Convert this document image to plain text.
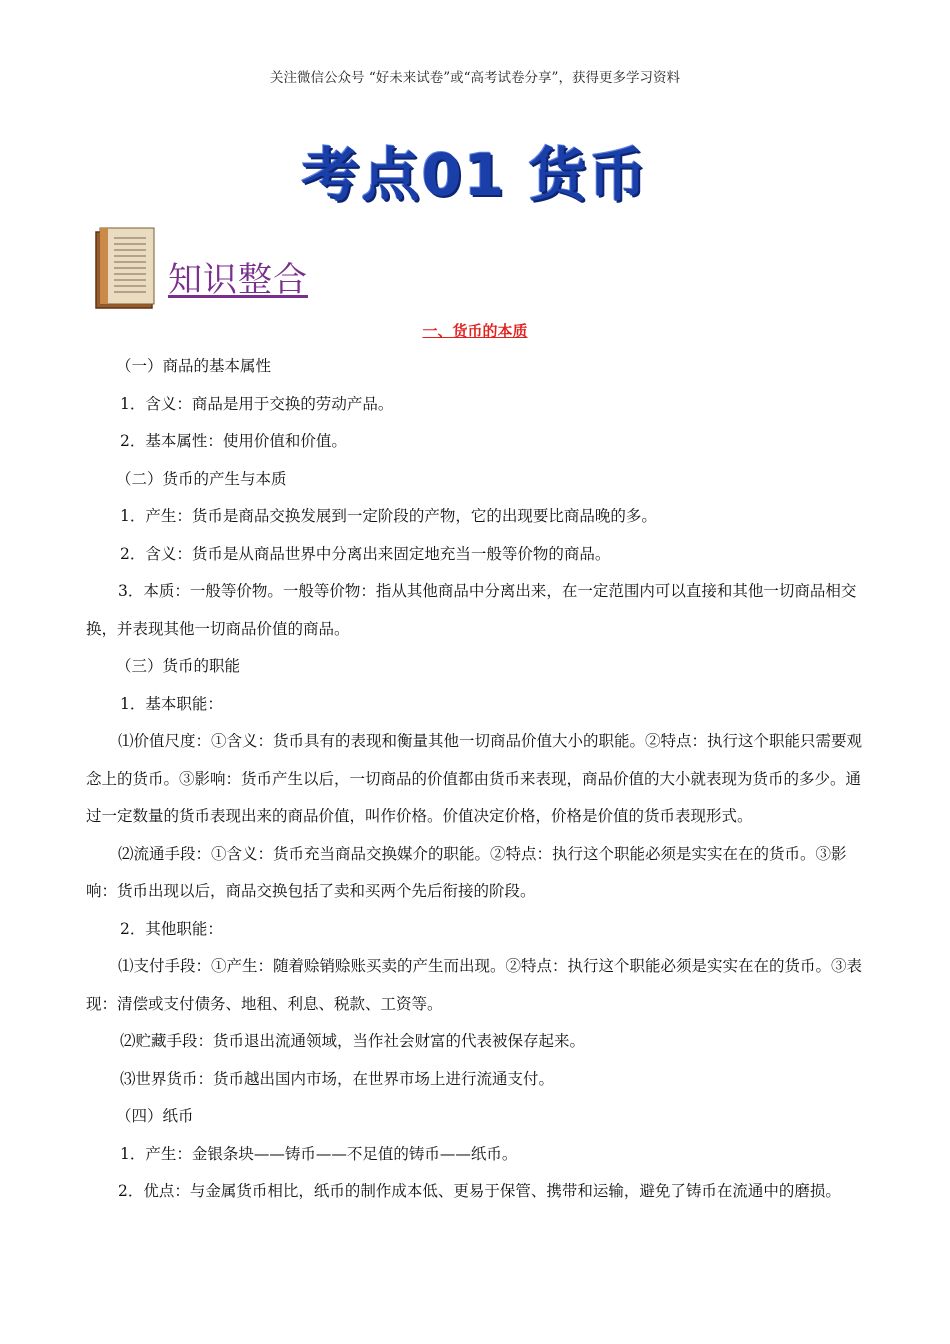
关注微信公众号 “好未来试卷”或“高考试卷分享”，获得更多学习资料
考点01 货币
知识整合
一、货币的本质
（一）商品的基本属性
1．含义：商品是用于交换的劳动产品。
2．基本属性：使用价值和价值。
（二）货币的产生与本质
1．产生：货币是商品交换发展到一定阶段的产物，它的出现要比商品晚的多。
2．含义：货币是从商品世界中分离出来固定地充当一般等价物的商品。
3．本质：一般等价物。一般等价物：指从其他商品中分离出来，在一定范围内可以直接和其他一切商品相交换，并表现其他一切商品价值的商品。
（三）货币的职能
1．基本职能：
⑴价值尺度：①含义：货币具有的表现和衡量其他一切商品价值大小的职能。②特点：执行这个职能只需要观念上的货币。③影响：货币产生以后，一切商品的价值都由货币来表现，商品价值的大小就表现为货币的多少。通过一定数量的货币表现出来的商品价值，叫作价格。价值决定价格，价格是价值的货币表现形式。
⑵流通手段：①含义：货币充当商品交换媒介的职能。②特点：执行这个职能必须是实实在在的货币。③影响：货币出现以后，商品交换包括了卖和买两个先后衔接的阶段。
2．其他职能：
⑴支付手段：①产生：随着赊销赊账买卖的产生而出现。②特点：执行这个职能必须是实实在在的货币。③表现：清偿或支付债务、地租、利息、税款、工资等。
⑵贮藏手段：货币退出流通领域，当作社会财富的代表被保存起来。
⑶世界货币：货币越出国内市场，在世界市场上进行流通支付。
（四）纸币
1．产生：金银条块——铸币——不足值的铸币——纸币。
2．优点：与金属货币相比，纸币的制作成本低、更易于保管、携带和运输，避免了铸币在流通中的磨损。
